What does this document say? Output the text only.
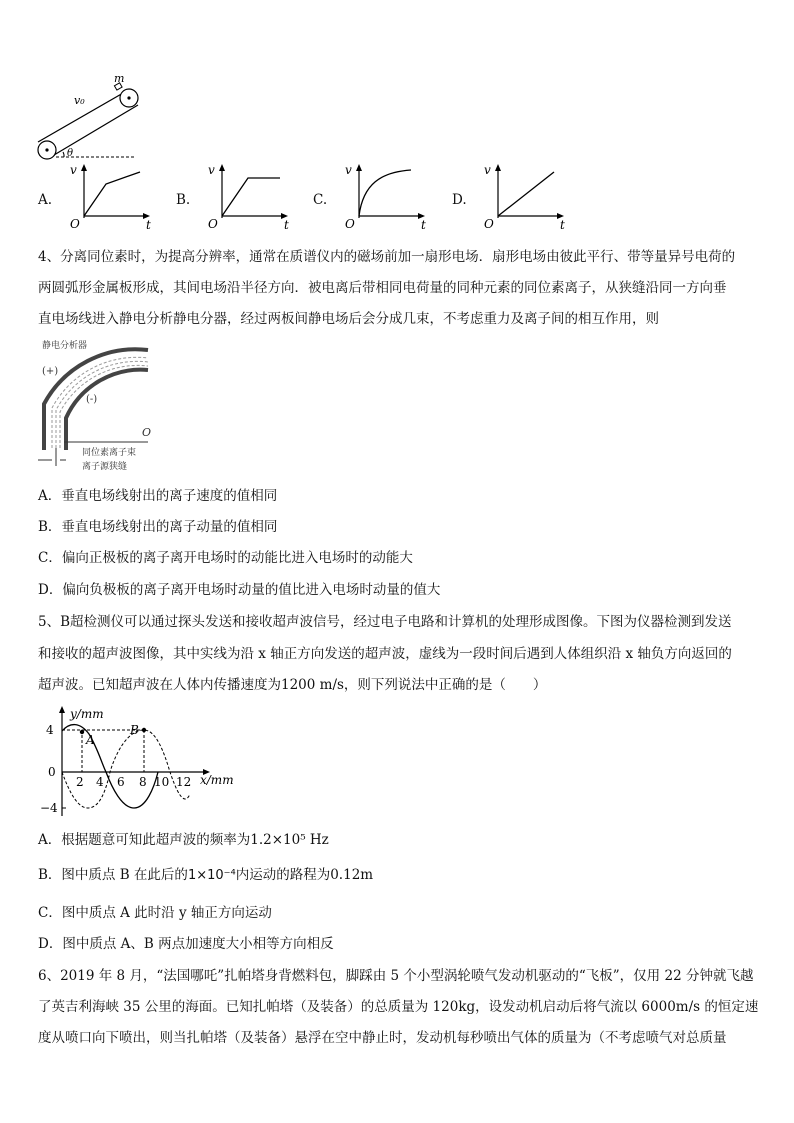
m
v₀
θ
A.
v
t
O
B.
v
t
O
C.
v
t
O
D.
v
t
O
4、分离同位素时，为提高分辨率，通常在质谱仪内的磁场前加一扇形电场．扇形电场由彼此平行、带等量异号电荷的
两圆弧形金属板形成，其间电场沿半径方向．被电离后带相同电荷量的同种元素的同位素离子，从狭缝沿同一方向垂
直电场线进入静电分析静电分器，经过两板间静电场后会分成几束，不考虑重力及离子间的相互作用，则
静电分析器
(+)
(-)
O
同位素离子束
离子源狭缝
A．垂直电场线射出的离子速度的值相同
B．垂直电场线射出的离子动量的值相同
C．偏向正极板的离子离开电场时的动能比进入电场时的动能大
D．偏向负极板的离子离开电场时动量的值比进入电场时动量的值大
5、B超检测仪可以通过探头发送和接收超声波信号，经过电子电路和计算机的处理形成图像。下图为仪器检测到发送
和接收的超声波图像，其中实线为沿 x 轴正方向发送的超声波，虚线为一段时间后遇到人体组织沿 x 轴负方向返回的
超声波。已知超声波在人体内传播速度为1200 m/s，则下列说法中正确的是（　　）
y/mm
x/mm
4
0
−4
2 4 6 8 10 12
A
B
A．根据题意可知此超声波的频率为1.2×10⁵ Hz
B．图中质点 B 在此后的1×10⁻⁴内运动的路程为0.12m
C．图中质点 A 此时沿 y 轴正方向运动
D．图中质点 A、B 两点加速度大小相等方向相反
6、2019 年 8 月，“法国哪吒”扎帕塔身背燃料包，脚踩由 5 个小型涡轮喷气发动机驱动的“飞板”，仅用 22 分钟就飞越
了英吉利海峡 35 公里的海面。已知扎帕塔（及装备）的总质量为 120kg，设发动机启动后将气流以 6000m/s 的恒定速
度从喷口向下喷出，则当扎帕塔（及装备）悬浮在空中静止时，发动机每秒喷出气体的质量为（不考虑喷气对总质量
